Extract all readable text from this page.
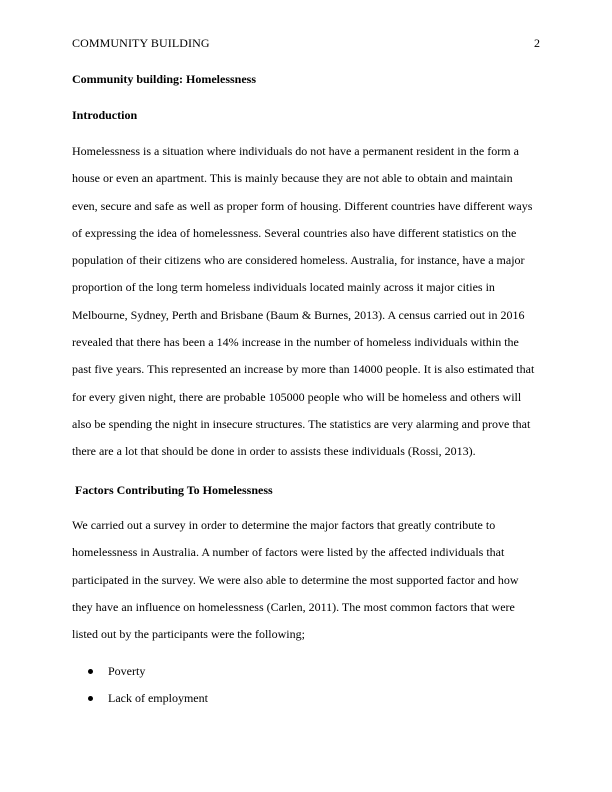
COMMUNITY BUILDING	2
Community building: Homelessness
Introduction
Homelessness is a situation where individuals do not have a permanent resident in the form a
house or even an apartment. This is mainly because they are not able to obtain and maintain
even, secure and safe as well as proper form of housing. Different countries have different ways
of expressing the idea of homelessness. Several countries also have different statistics on the
population of their citizens who are considered homeless. Australia, for instance, have a major
proportion of the long term homeless individuals located mainly across it major cities in
Melbourne, Sydney, Perth and Brisbane (Baum & Burnes, 2013). A census carried out in 2016
revealed that there has been a 14% increase in the number of homeless individuals within the
past five years. This represented an increase by more than 14000 people. It is also estimated that
for every given night, there are probable 105000 people who will be homeless and others will
also be spending the night in insecure structures. The statistics are very alarming and prove that
there are a lot that should be done in order to assists these individuals (Rossi, 2013).
Factors Contributing To Homelessness
We carried out a survey in order to determine the major factors that greatly contribute to
homelessness in Australia. A number of factors were listed by the affected individuals that
participated in the survey. We were also able to determine the most supported factor and how
they have an influence on homelessness (Carlen, 2011). The most common factors that were
listed out by the participants were the following;
Poverty
Lack of employment
